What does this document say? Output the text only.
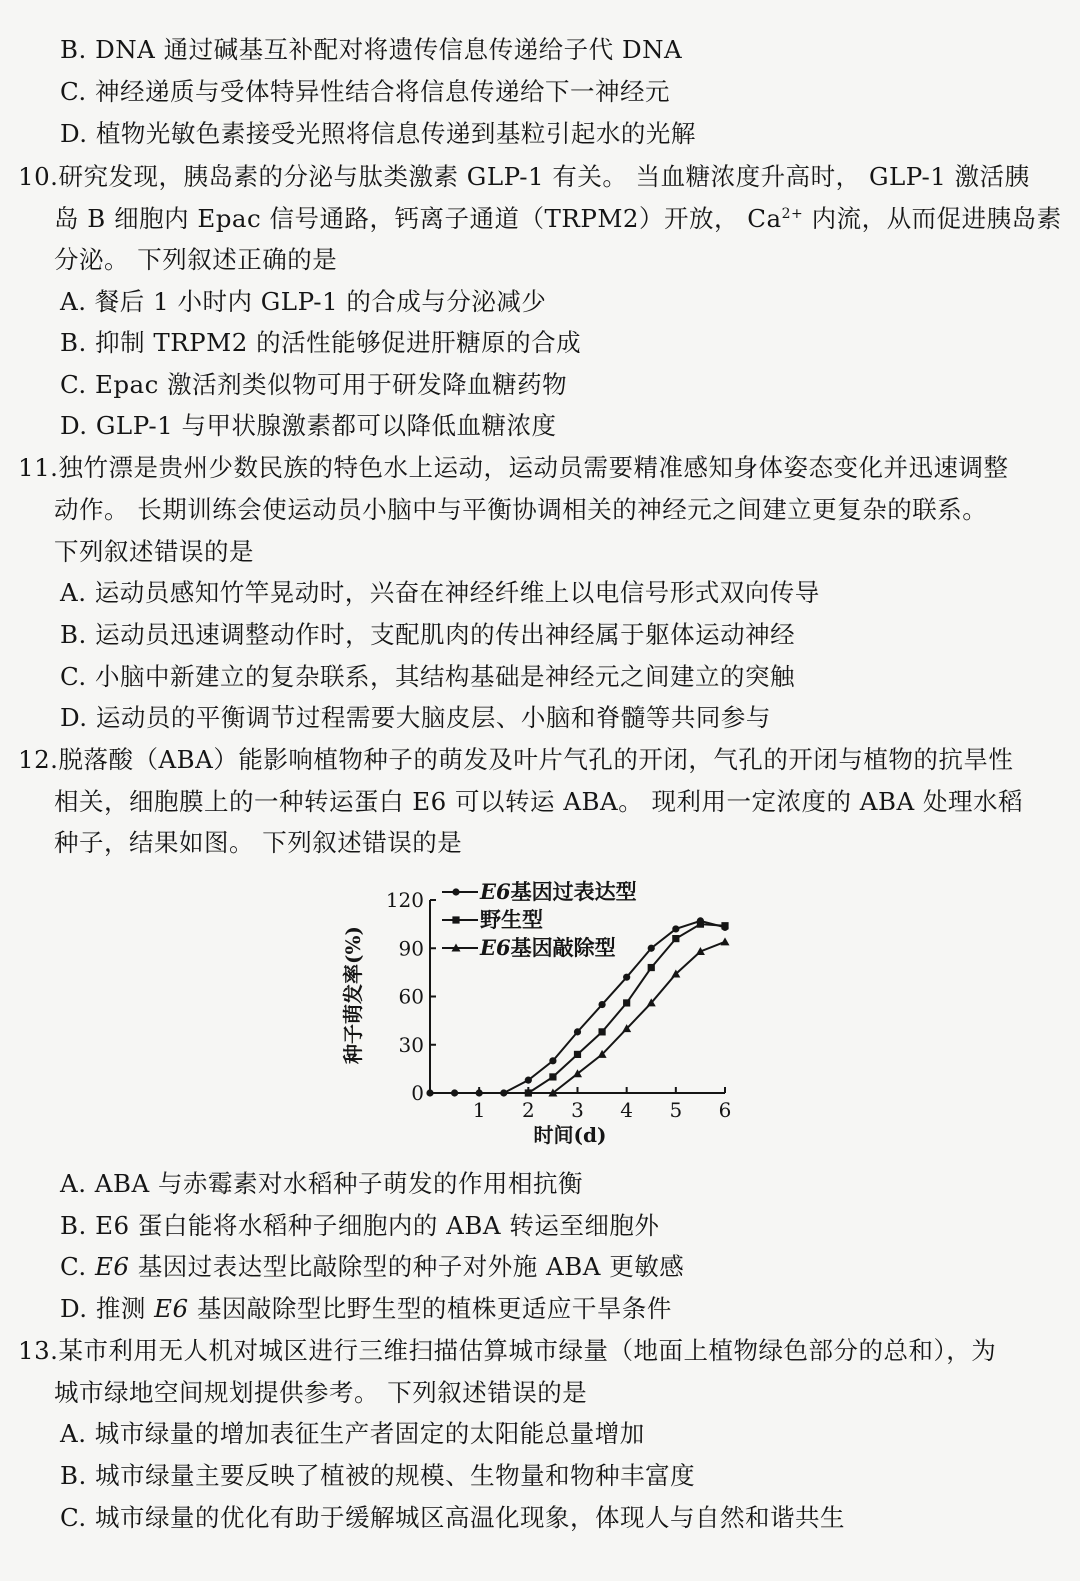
B. DNA 通过碱基互补配对将遗传信息传递给子代 DNA
C. 神经递质与受体特异性结合将信息传递给下一神经元
D. 植物光敏色素接受光照将信息传递到基粒引起水的光解
10.研究发现，胰岛素的分泌与肽类激素 GLP-1 有关。 当血糖浓度升高时， GLP-1 激活胰
岛 B 细胞内 Epac 信号通路，钙离子通道（TRPM2）开放， $Ca^{2+}$ 内流，从而促进胰岛素
分泌。 下列叙述正确的是
A. 餐后 1 小时内 GLP-1 的合成与分泌减少
B. 抑制 TRPM2 的活性能够促进肝糖原的合成
C. Epac 激活剂类似物可用于研发降血糖药物
D. GLP-1 与甲状腺激素都可以降低血糖浓度
11.独竹漂是贵州少数民族的特色水上运动，运动员需要精准感知身体姿态变化并迅速调整
动作。 长期训练会使运动员小脑中与平衡协调相关的神经元之间建立更复杂的联系。
下列叙述错误的是
A. 运动员感知竹竿晃动时，兴奋在神经纤维上以电信号形式双向传导
B. 运动员迅速调整动作时，支配肌肉的传出神经属于躯体运动神经
C. 小脑中新建立的复杂联系，其结构基础是神经元之间建立的突触
D. 运动员的平衡调节过程需要大脑皮层、小脑和脊髓等共同参与
12.脱落酸（ABA）能影响植物种子的萌发及叶片气孔的开闭，气孔的开闭与植物的抗旱性
相关，细胞膜上的一种转运蛋白 E6 可以转运 ABA。 现利用一定浓度的 ABA 处理水稻
种子，结果如图。 下列叙述错误的是
0
30
60
90
120
1 2 3 4 5 6
E6基因过表达型
野生型
E6基因敲除型
种子萌发率(%)
时间(d)
A. ABA 与赤霉素对水稻种子萌发的作用相抗衡
B. E6 蛋白能将水稻种子细胞内的 ABA 转运至细胞外
C. E6 基因过表达型比敲除型的种子对外施 ABA 更敏感
D. 推测 E6 基因敲除型比野生型的植株更适应干旱条件
13.某市利用无人机对城区进行三维扫描估算城市绿量（地面上植物绿色部分的总和），为
城市绿地空间规划提供参考。 下列叙述错误的是
A. 城市绿量的增加表征生产者固定的太阳能总量增加
B. 城市绿量主要反映了植被的规模、生物量和物种丰富度
C. 城市绿量的优化有助于缓解城区高温化现象，体现人与自然和谐共生
